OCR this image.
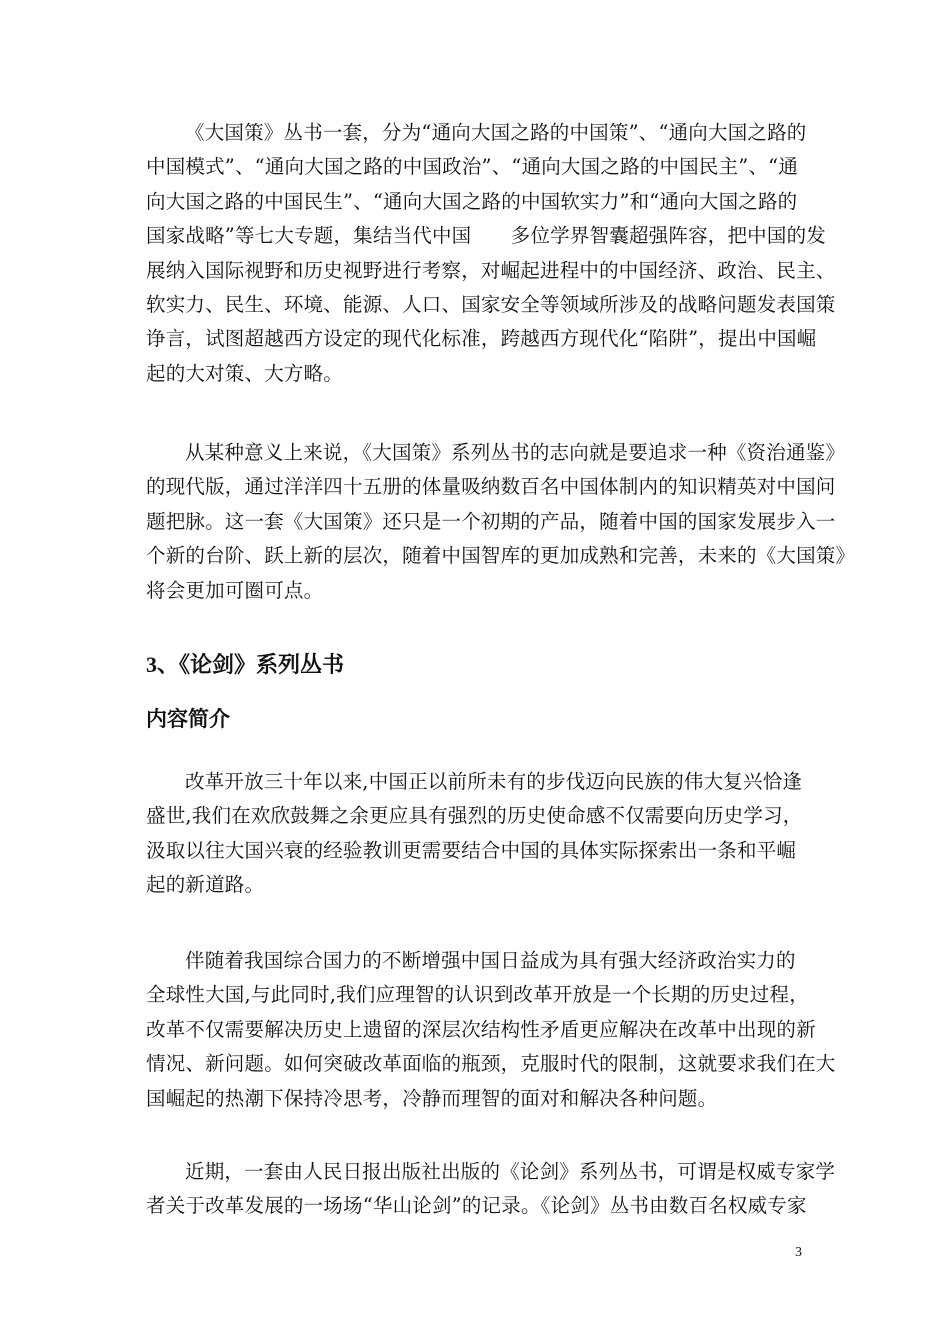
《大国策》丛书一套，分为“通向大国之路的中国策”、“通向大国之路的
中国模式”、“通向大国之路的中国政治”、“通向大国之路的中国民主”、“通
向大国之路的中国民生”、“通向大国之路的中国软实力”和“通向大国之路的
国家战略”等七大专题，集结当代中国　　多位学界智囊超强阵容，把中国的发
展纳入国际视野和历史视野进行考察，对崛起进程中的中国经济、政治、民主、
软实力、民生、环境、能源、人口、国家安全等领域所涉及的战略问题发表国策
诤言，试图超越西方设定的现代化标准，跨越西方现代化“陷阱”，提出中国崛
起的大对策、大方略。

从某种意义上来说，《大国策》系列丛书的志向就是要追求一种《资治通鉴》
的现代版，通过洋洋四十五册的体量吸纳数百名中国体制内的知识精英对中国问
题把脉。这一套《大国策》还只是一个初期的产品，随着中国的国家发展步入一
个新的台阶、跃上新的层次，随着中国智库的更加成熟和完善，未来的《大国策》
将会更加可圈可点。

3、《论剑》系列丛书
内容简介

改革开放三十年以来,中国正以前所未有的步伐迈向民族的伟大复兴恰逢
盛世,我们在欢欣鼓舞之余更应具有强烈的历史使命感不仅需要向历史学习，
汲取以往大国兴衰的经验教训更需要结合中国的具体实际探索出一条和平崛
起的新道路。

伴随着我国综合国力的不断增强中国日益成为具有强大经济政治实力的
全球性大国,与此同时,我们应理智的认识到改革开放是一个长期的历史过程，
改革不仅需要解决历史上遗留的深层次结构性矛盾更应解决在改革中出现的新
情况、新问题。如何突破改革面临的瓶颈，克服时代的限制，这就要求我们在大
国崛起的热潮下保持冷思考，冷静而理智的面对和解决各种问题。

近期，一套由人民日报出版社出版的《论剑》系列丛书，可谓是权威专家学
者关于改革发展的一场场“华山论剑”的记录。《论剑》丛书由数百名权威专家

3
